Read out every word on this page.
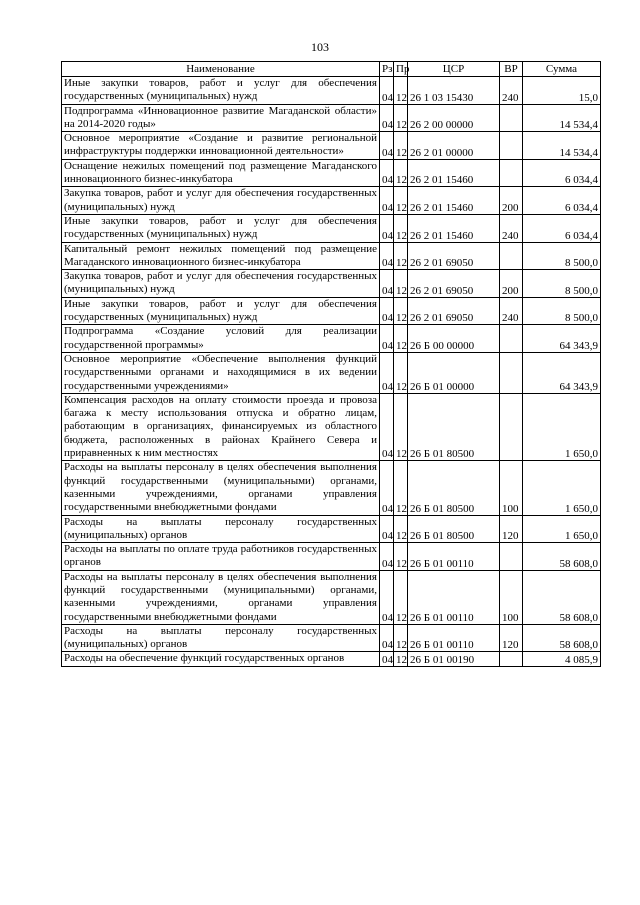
103
Наименование	Рз	Пр	ЦСР	ВР	Сумма
Иные закупки товаров, работ и услуг для обеспечения государственных (муниципальных) нужд	04	12	26 1 03 15430	240	15,0
Подпрограмма «Инновационное развитие Магаданской области» на 2014-2020 годы»	04	12	26 2 00 00000		14 534,4
Основное мероприятие «Создание и развитие региональной инфраструктуры поддержки инновационной деятельности»	04	12	26 2 01 00000		14 534,4
Оснащение нежилых помещений под размещение Магаданского инновационного бизнес-инкубатора	04	12	26 2 01 15460		6 034,4
Закупка товаров, работ и услуг для обеспечения государственных (муниципальных) нужд	04	12	26 2 01 15460	200	6 034,4
Иные закупки товаров, работ и услуг для обеспечения государственных (муниципальных) нужд	04	12	26 2 01 15460	240	6 034,4
Капитальный ремонт нежилых помещений под размещение Магаданского инновационного бизнес-инкубатора	04	12	26 2 01 69050		8 500,0
Закупка товаров, работ и услуг для обеспечения государственных (муниципальных) нужд	04	12	26 2 01 69050	200	8 500,0
Иные закупки товаров, работ и услуг для обеспечения государственных (муниципальных) нужд	04	12	26 2 01 69050	240	8 500,0
Подпрограмма «Создание условий для реализации государственной программы»	04	12	26 Б 00 00000		64 343,9
Основное мероприятие «Обеспечение выполнения функций государственными органами и находящимися в их ведении государственными учреждениями»	04	12	26 Б 01 00000		64 343,9
Компенсация расходов на оплату стоимости проезда и провоза багажа к месту использования отпуска и обратно лицам, работающим в организациях, финансируемых из областного бюджета, расположенных в районах Крайнего Севера и приравненных к ним местностях	04	12	26 Б 01 80500		1 650,0
Расходы на выплаты персоналу в целях обеспечения выполнения функций государственными (муниципальными) органами, казенными учреждениями, органами управления государственными внебюджетными фондами	04	12	26 Б 01 80500	100	1 650,0
Расходы на выплаты персоналу государственных (муниципальных) органов	04	12	26 Б 01 80500	120	1 650,0
Расходы на выплаты по оплате труда работников государственных органов	04	12	26 Б 01 00110		58 608,0
Расходы на выплаты персоналу в целях обеспечения выполнения функций государственными (муниципальными) органами, казенными учреждениями, органами управления государственными внебюджетными фондами	04	12	26 Б 01 00110	100	58 608,0
Расходы на выплаты персоналу государственных (муниципальных) органов	04	12	26 Б 01 00110	120	58 608,0
Расходы на обеспечение функций государственных органов	04	12	26 Б 01 00190		4 085,9
